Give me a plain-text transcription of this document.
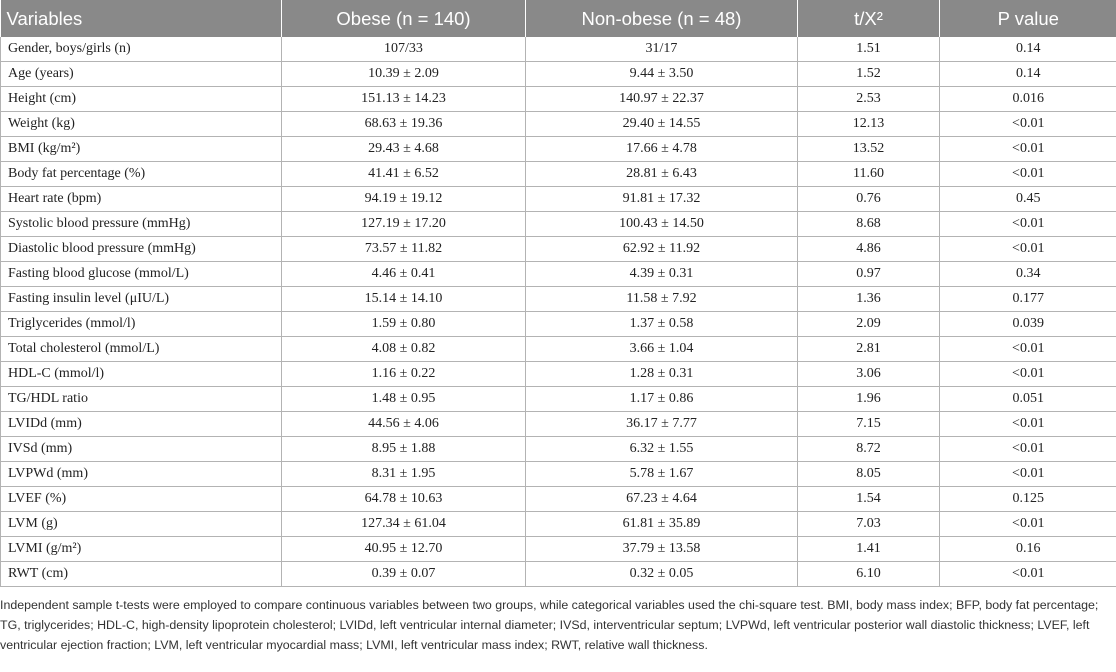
Variables	Obese (n = 140)	Non-obese (n = 48)	t/X²	P value
Gender, boys/girls (n)	107/33	31/17	1.51	0.14
Age (years)	10.39 ± 2.09	9.44 ± 3.50	1.52	0.14
Height (cm)	151.13 ± 14.23	140.97 ± 22.37	2.53	0.016
Weight (kg)	68.63 ± 19.36	29.40 ± 14.55	12.13	<0.01
BMI (kg/m²)	29.43 ± 4.68	17.66 ± 4.78	13.52	<0.01
Body fat percentage (%)	41.41 ± 6.52	28.81 ± 6.43	11.60	<0.01
Heart rate (bpm)	94.19 ± 19.12	91.81 ± 17.32	0.76	0.45
Systolic blood pressure (mmHg)	127.19 ± 17.20	100.43 ± 14.50	8.68	<0.01
Diastolic blood pressure (mmHg)	73.57 ± 11.82	62.92 ± 11.92	4.86	<0.01
Fasting blood glucose (mmol/L)	4.46 ± 0.41	4.39 ± 0.31	0.97	0.34
Fasting insulin level (μIU/L)	15.14 ± 14.10	11.58 ± 7.92	1.36	0.177
Triglycerides (mmol/l)	1.59 ± 0.80	1.37 ± 0.58	2.09	0.039
Total cholesterol (mmol/L)	4.08 ± 0.82	3.66 ± 1.04	2.81	<0.01
HDL-C (mmol/l)	1.16 ± 0.22	1.28 ± 0.31	3.06	<0.01
TG/HDL ratio	1.48 ± 0.95	1.17 ± 0.86	1.96	0.051
LVIDd (mm)	44.56 ± 4.06	36.17 ± 7.77	7.15	<0.01
IVSd (mm)	8.95 ± 1.88	6.32 ± 1.55	8.72	<0.01
LVPWd (mm)	8.31 ± 1.95	5.78 ± 1.67	8.05	<0.01
LVEF (%)	64.78 ± 10.63	67.23 ± 4.64	1.54	0.125
LVM (g)	127.34 ± 61.04	61.81 ± 35.89	7.03	<0.01
LVMI (g/m²)	40.95 ± 12.70	37.79 ± 13.58	1.41	0.16
RWT (cm)	0.39 ± 0.07	0.32 ± 0.05	6.10	<0.01

Independent sample t-tests were employed to compare continuous variables between two groups, while categorical variables used the chi-square test. BMI, body mass index; BFP, body fat percentage; TG, triglycerides; HDL-C, high-density lipoprotein cholesterol; LVIDd, left ventricular internal diameter; IVSd, interventricular septum; LVPWd, left ventricular posterior wall diastolic thickness; LVEF, left ventricular ejection fraction; LVM, left ventricular myocardial mass; LVMI, left ventricular mass index; RWT, relative wall thickness.
